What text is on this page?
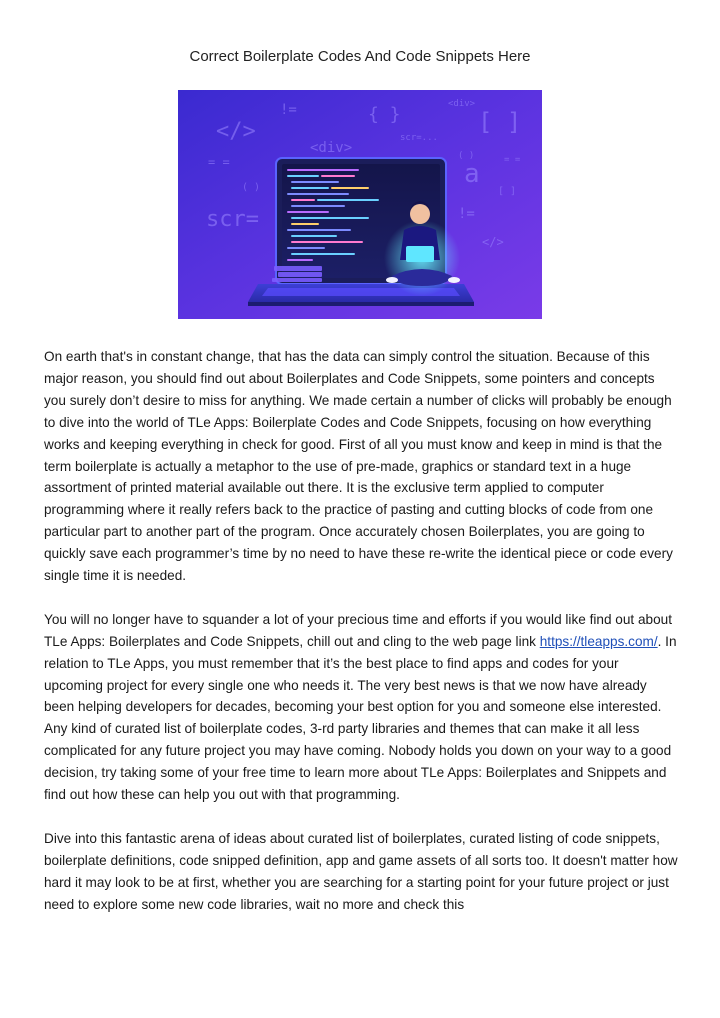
Correct Boilerplate Codes And Code Snippets Here
</>
!=	{ }	<div>
[ ]
scr=...
<div>
= =
scr=
( )	a
!=
[ ]
</>
( )	= =

On earth that's in constant change, that has the data can simply control the situation. Because of this major reason, you should find out about Boilerplates and Code Snippets, some pointers and concepts you surely don’t desire to miss for anything. We made certain a number of clicks will probably be enough to dive into the world of TLe Apps: Boilerplate Codes and Code Snippets, focusing on how everything works and keeping everything in check for good. First of all you must know and keep in mind is that the term boilerplate is actually a metaphor to the use of pre-made, graphics or standard text in a huge assortment of printed material available out there. It is the exclusive term applied to computer programming where it really refers back to the practice of pasting and cutting blocks of code from one particular part to another part of the program. Once accurately chosen Boilerplates, you are going to quickly save each programmer’s time by no need to have these re-write the identical piece or code every single time it is needed.

You will no longer have to squander a lot of your precious time and efforts if you would like find out about TLe Apps: Boilerplates and Code Snippets, chill out and cling to the web page link https://tleapps.com/. In relation to TLe Apps, you must remember that it’s the best place to find apps and codes for your upcoming project for every single one who needs it. The very best news is that we now have already been helping developers for decades, becoming your best option for you and someone else interested. Any kind of curated list of boilerplate codes, 3-rd party libraries and themes that can make it all less complicated for any future project you may have coming. Nobody holds you down on your way to a good decision, try taking some of your free time to learn more about TLe Apps: Boilerplates and Snippets and find out how these can help you out with that programming.

Dive into this fantastic arena of ideas about curated list of boilerplates, curated listing of code snippets, boilerplate definitions, code snipped definition, app and game assets of all sorts too. It doesn't matter how hard it may look to be at first, whether you are searching for a starting point for your future project or just need to explore some new code libraries, wait no more and check this
